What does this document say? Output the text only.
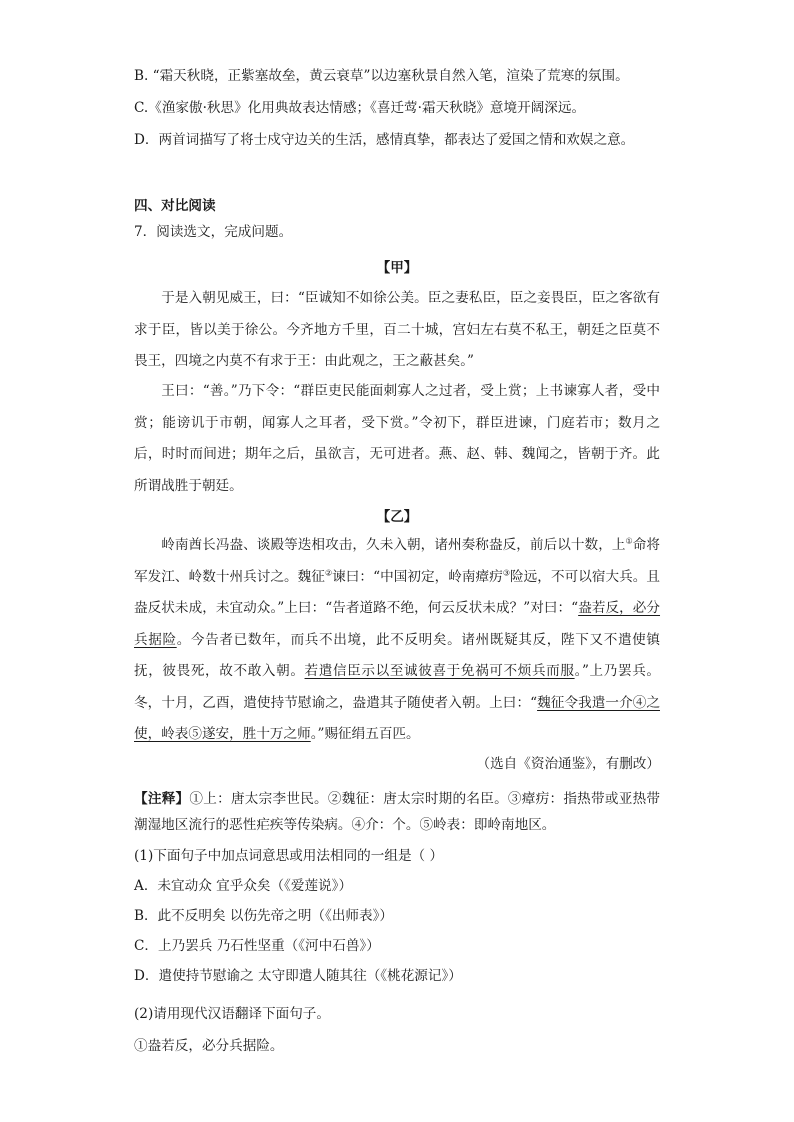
B. “霜天秋晓，正紫塞故垒，黄云衰草”以边塞秋景自然入笔，渲染了荒寒的氛围。
C.《渔家傲·秋思》化用典故表达情感；《喜迁莺·霜天秋晓》意境开阔深远。
D．两首词描写了将士戍守边关的生活，感情真挚，都表达了爱国之情和欢娱之意。
四、对比阅读
7．阅读选文，完成问题。
【甲】
于是入朝见威王，曰：“臣诚知不如徐公美。臣之妻私臣，臣之妾畏臣，臣之客欲有求于臣，皆以美于徐公。今齐地方千里，百二十城，宫妇左右莫不私王，朝廷之臣莫不畏王，四境之内莫不有求于王：由此观之，王之蔽甚矣。”
王曰：“善。”乃下令：“群臣吏民能面刺寡人之过者，受上赏；上书谏寡人者，受中赏；能谤讥于市朝，闻寡人之耳者，受下赏。”令初下，群臣进谏，门庭若市；数月之后，时时而间进；期年之后，虽欲言，无可进者。燕、赵、韩、魏闻之，皆朝于齐。此所谓战胜于朝廷。
【乙】
岭南酋长冯盎、谈殿等迭相攻击，久未入朝，诸州奏称盎反，前后以十数，上①命将军发江、岭数十州兵讨之。魏征②谏曰：“中国初定，岭南瘴疠③险远，不可以宿大兵。且盎反状未成，未宜动众。”上曰：“告者道路不绝，何云反状未成？”对曰：“盎若反，必分兵据险。今告者已数年，而兵不出境，此不反明矣。诸州既疑其反，陛下又不遣使镇抚，彼畏死，故不敢入朝。若遣信臣示以至诚彼喜于免祸可不烦兵而服。”上乃罢兵。冬，十月，乙酉，遣使持节慰谕之，盎遣其子随使者入朝。上曰：“魏征令我遣一介④之使，岭表⑤遂安，胜十万之师。”赐征绢五百匹。
（选自《资治通鉴》，有删改）
【注释】①上：唐太宗李世民。②魏征：唐太宗时期的名臣。③瘴疠：指热带或亚热带潮湿地区流行的恶性疟疾等传染病。④介：个。⑤岭表：即岭南地区。
(1)下面句子中加点词意思或用法相同的一组是（ ）
A．未宜动众 宜乎众矣（《爱莲说》）
B．此不反明矣 以伤先帝之明（《出师表》）
C．上乃罢兵 乃石性坚重（《河中石兽》）
D．遣使持节慰谕之 太守即遣人随其往（《桃花源记》）
(2)请用现代汉语翻译下面句子。
①盎若反，必分兵据险。
